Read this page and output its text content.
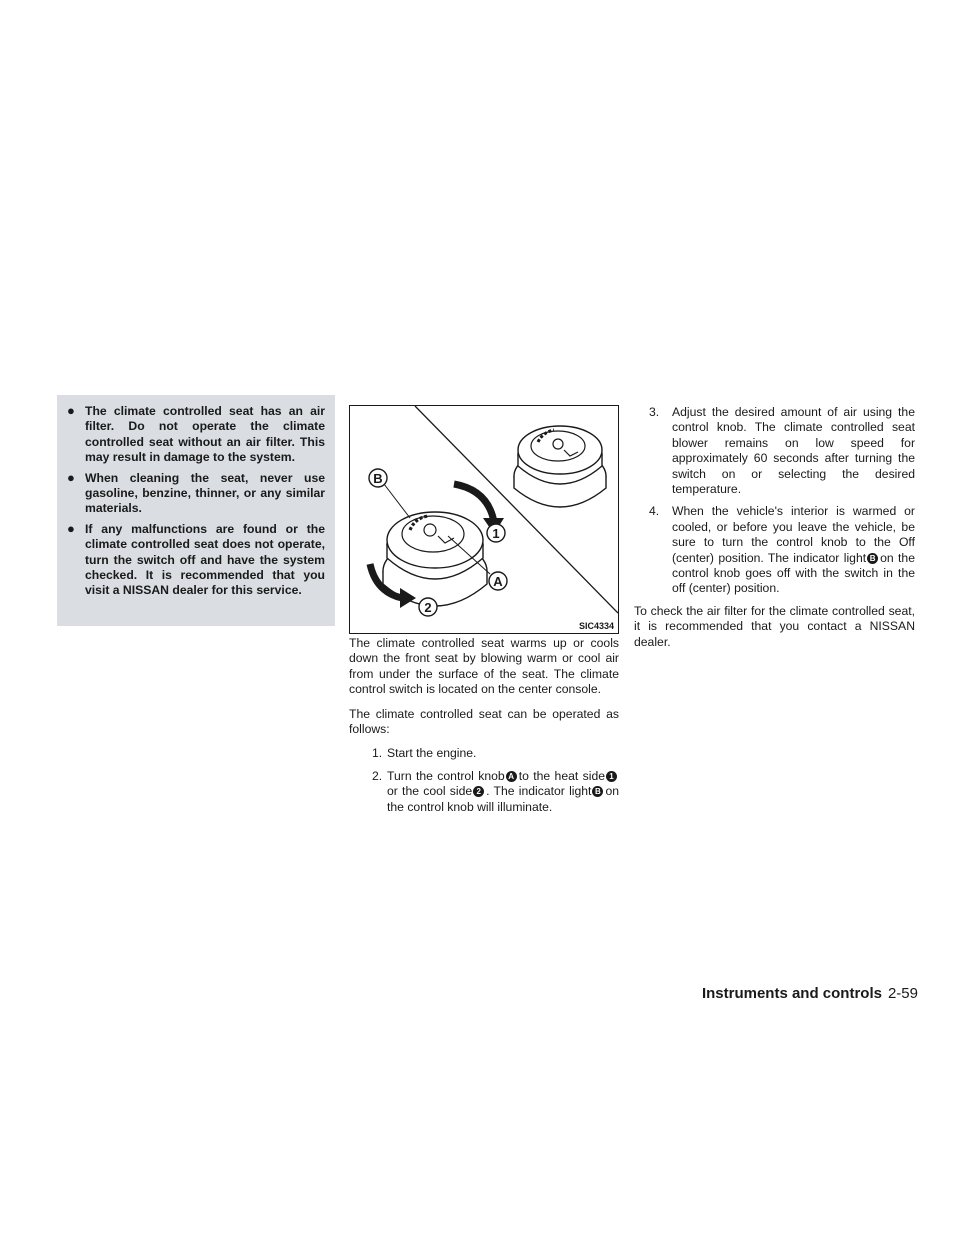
● The climate controlled seat has an air filter. Do not operate the climate controlled seat without an air filter. This may result in damage to the system.
● When cleaning the seat, never use gasoline, benzine, thinner, or any similar materials.
● If any malfunctions are found or the climate controlled seat does not operate, turn the switch off and have the system checked. It is recommended that you visit a NISSAN dealer for this service.
B
1
A
2
SIC4334

The climate controlled seat warms up or cools down the front seat by blowing warm or cool air from under the surface of the seat. The climate control switch is located on the center console.

The climate controlled seat can be operated as follows:

1. Start the engine.
2. Turn the control knob A to the heat side 1 or the cool side 2 . The indicator light B on the control knob will illuminate.
3. Adjust the desired amount of air using the control knob. The climate controlled seat blower remains on low speed for approximately 60 seconds after turning the switch on or selecting the desired temperature.
4. When the vehicle's interior is warmed or cooled, or before you leave the vehicle, be sure to turn the control knob to the Off (center) position. The indicator light B on the control knob goes off with the switch in the off (center) position.

To check the air filter for the climate controlled seat, it is recommended that you contact a NISSAN dealer.

Instruments and controls 2-59
